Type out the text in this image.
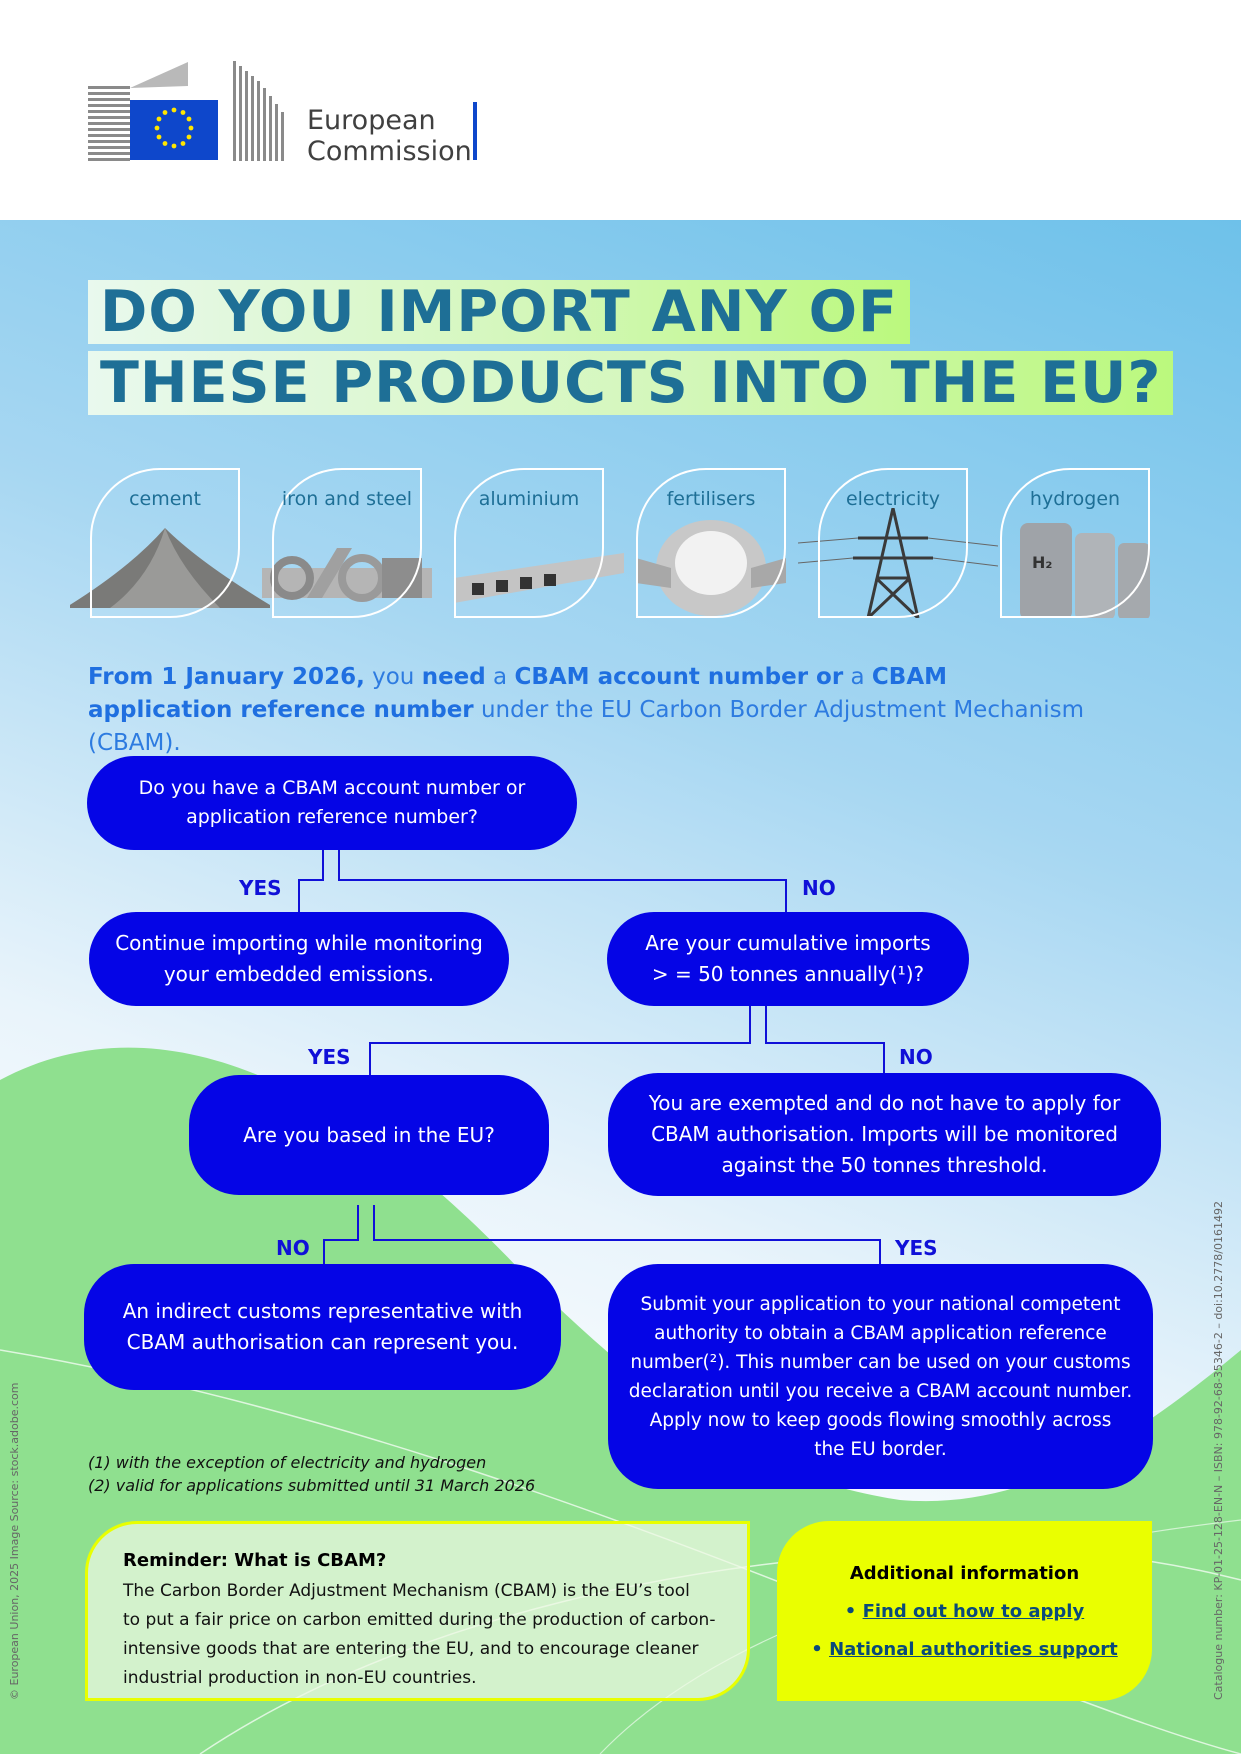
European
Commission
DO YOU IMPORT ANY OF
THESE PRODUCTS INTO THE EU?
cement	iron and steel	aluminium	fertilisers	electricity
H₂
hydrogen
From 1 January 2026, you need a CBAM account number or a CBAM application reference number under the EU Carbon Border Adjustment Mechanism (CBAM).
Do you have a CBAM account number or
application reference number?
YES	NO
Continue importing while monitoring
your embedded emissions.
Are your cumulative imports
> = 50 tonnes annually(¹)?
YES	NO
Are you based in the EU?
You are exempted and do not have to apply for
CBAM authorisation. Imports will be monitored
against the 50 tonnes threshold.
NO	YES
An indirect customs representative with
CBAM authorisation can represent you.
Submit your application to your national competent
authority to obtain a CBAM application reference
number(²). This number can be used on your customs
declaration until you receive a CBAM account number.
Apply now to keep goods flowing smoothly across
the EU border.
(1) with the exception of electricity and hydrogen
(2) valid for applications submitted until 31 March 2026
Reminder: What is CBAM?
The Carbon Border Adjustment Mechanism (CBAM) is the EU’s tool
to put a fair price on carbon emitted during the production of carbon-
intensive goods that are entering the EU, and to encourage cleaner
industrial production in non-EU countries.
Additional information
• Find out how to apply
• National authorities support
© European Union, 2025 Image Source: stock.adobe.com	Catalogue number: KP-01-25-128-EN-N – ISBN: 978-92-68-35346-2 – doi:10.2778/0161492
